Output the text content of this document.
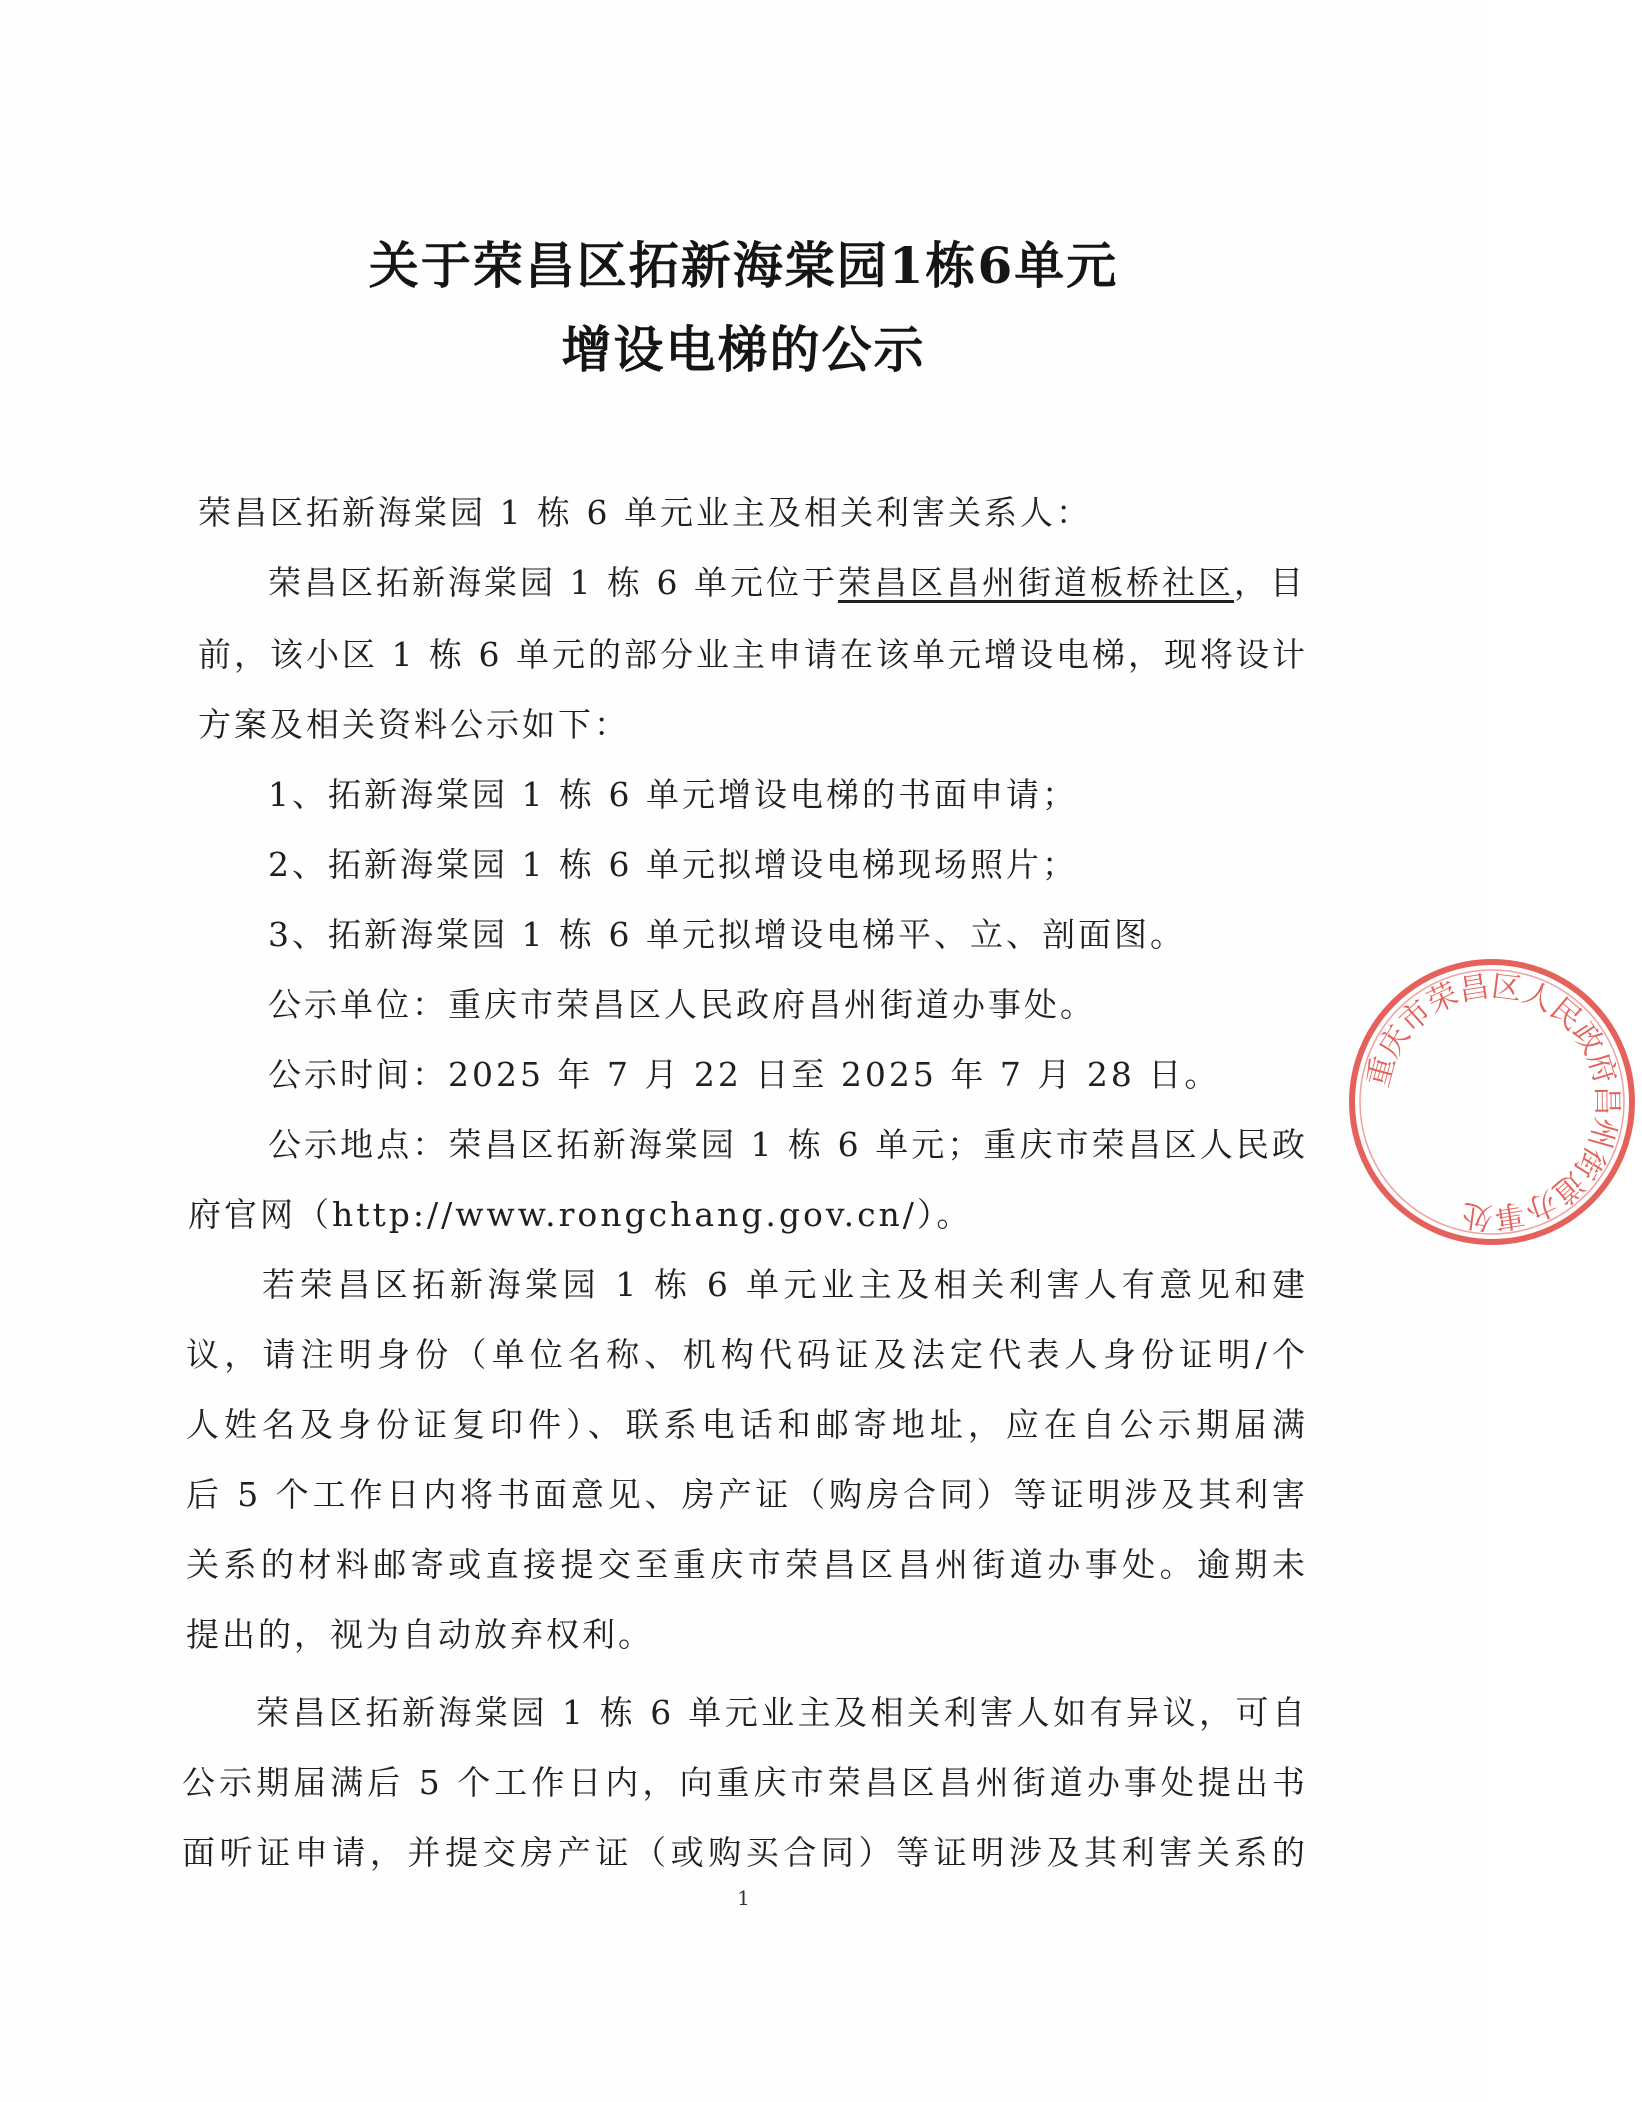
关于荣昌区拓新海棠园1栋6单元
增设电梯的公示
荣昌区拓新海棠园 1 栋 6 单元业主及相关利害关系人：
荣昌区拓新海棠园 1 栋 6 单元位于荣昌区昌州街道板桥社区，目
前，该小区 1 栋 6 单元的部分业主申请在该单元增设电梯，现将设计
方案及相关资料公示如下：
1、拓新海棠园 1 栋 6 单元增设电梯的书面申请；
2、拓新海棠园 1 栋 6 单元拟增设电梯现场照片；
3、拓新海棠园 1 栋 6 单元拟增设电梯平、立、剖面图。
公示单位：重庆市荣昌区人民政府昌州街道办事处。
公示时间：2025 年 7 月 22 日至 2025 年 7 月 28 日。
公示地点：荣昌区拓新海棠园 1 栋 6 单元；重庆市荣昌区人民政
府官网（http://www.rongchang.gov.cn/）。
若荣昌区拓新海棠园 1 栋 6 单元业主及相关利害人有意见和建
议，请注明身份（单位名称、机构代码证及法定代表人身份证明/个
人姓名及身份证复印件）、联系电话和邮寄地址，应在自公示期届满
后 5 个工作日内将书面意见、房产证（购房合同）等证明涉及其利害
关系的材料邮寄或直接提交至重庆市荣昌区昌州街道办事处。逾期未
提出的，视为自动放弃权利。
荣昌区拓新海棠园 1 栋 6 单元业主及相关利害人如有异议，可自
公示期届满后 5 个工作日内，向重庆市荣昌区昌州街道办事处提出书
面听证申请，并提交房产证（或购买合同）等证明涉及其利害关系的
1
重庆市荣昌区人民政府昌州街道办事处
